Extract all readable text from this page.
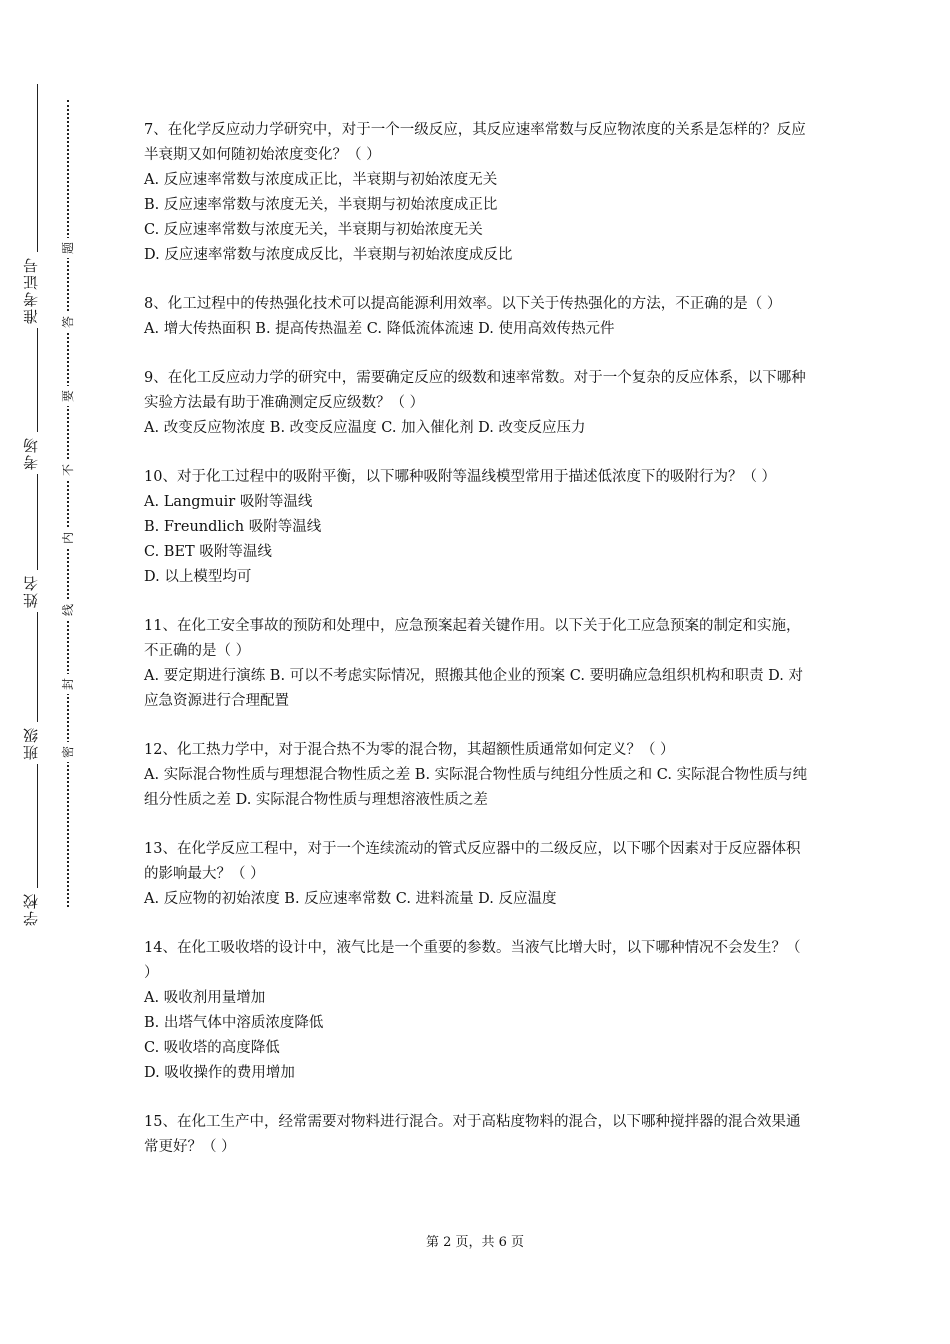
准考证号
考场
姓名
班级
学校
题
答
要
不
内
线
封
密

7、在化学反应动力学研究中，对于一个一级反应，其反应速率常数与反应物浓度的关系是怎样的？反应半衰期又如何随初始浓度变化？（ ）

A. 反应速率常数与浓度成正比，半衰期与初始浓度无关

B. 反应速率常数与浓度无关，半衰期与初始浓度成正比

C. 反应速率常数与浓度无关，半衰期与初始浓度无关

D. 反应速率常数与浓度成反比，半衰期与初始浓度成反比

8、化工过程中的传热强化技术可以提高能源利用效率。以下关于传热强化的方法，不正确的是（ ）

A. 增大传热面积 B. 提高传热温差 C. 降低流体流速 D. 使用高效传热元件

9、在化工反应动力学的研究中，需要确定反应的级数和速率常数。对于一个复杂的反应体系，以下哪种实验方法最有助于准确测定反应级数？（ ）

A. 改变反应物浓度 B. 改变反应温度 C. 加入催化剂 D. 改变反应压力

10、对于化工过程中的吸附平衡，以下哪种吸附等温线模型常用于描述低浓度下的吸附行为？（ ）

A. Langmuir 吸附等温线

B. Freundlich 吸附等温线

C. BET 吸附等温线

D. 以上模型均可

11、在化工安全事故的预防和处理中，应急预案起着关键作用。以下关于化工应急预案的制定和实施，不正确的是（ ）

A. 要定期进行演练 B. 可以不考虑实际情况，照搬其他企业的预案 C. 要明确应急组织机构和职责 D. 对应急资源进行合理配置

12、化工热力学中，对于混合热不为零的混合物，其超额性质通常如何定义？（ ）

A. 实际混合物性质与理想混合物性质之差 B. 实际混合物性质与纯组分性质之和 C. 实际混合物性质与纯组分性质之差 D. 实际混合物性质与理想溶液性质之差

13、在化学反应工程中，对于一个连续流动的管式反应器中的二级反应，以下哪个因素对于反应器体积的影响最大？（ ）

A. 反应物的初始浓度 B. 反应速率常数 C. 进料流量 D. 反应温度

14、在化工吸收塔的设计中，液气比是一个重要的参数。当液气比增大时，以下哪种情况不会发生？（ ）

A. 吸收剂用量增加

B. 出塔气体中溶质浓度降低

C. 吸收塔的高度降低

D. 吸收操作的费用增加

15、在化工生产中，经常需要对物料进行混合。对于高粘度物料的混合，以下哪种搅拌器的混合效果通常更好？（ ）

第 2 页，共 6 页
